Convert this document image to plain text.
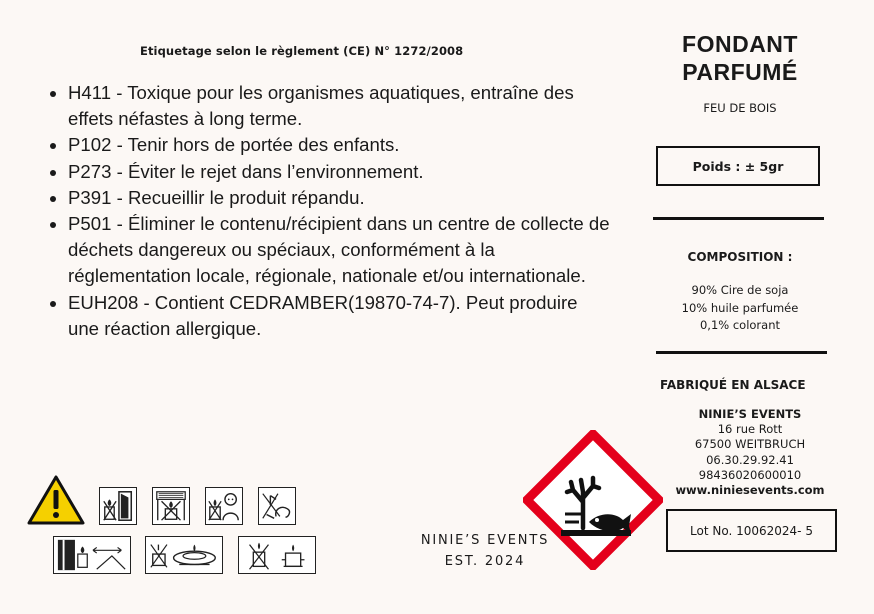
Etiquetage selon le règlement (CE) N° 1272/2008
• H411 - Toxique pour les organismes aquatiques, entraîne des effets néfastes à long terme.
• P102 - Tenir hors de portée des enfants.
• P273 - Éviter le rejet dans l’environnement.
• P391 - Recueillir le produit répandu.
• P501 - Éliminer le contenu/récipient dans un centre de collecte de déchets dangereux ou spéciaux, conformément à la réglementation locale, régionale, nationale et/ou internationale.
• EUH208 - Contient CEDRAMBER(19870-74-7). Peut produire une réaction allergique.
FONDANT
PARFUMÉ
FEU DE BOIS
Poids : ± 5gr
COMPOSITION :
90% Cire de soja
10% huile parfumée
0,1% colorant
FABRIQUÉ EN ALSACE
NINIE’S EVENTS
16 rue Rott
67500 WEITBRUCH
06.30.29.92.41
98436020600010
www.niniesevents.com
Lot No. 10062024- 5
NINIE’S EVENTS
EST. 2024
